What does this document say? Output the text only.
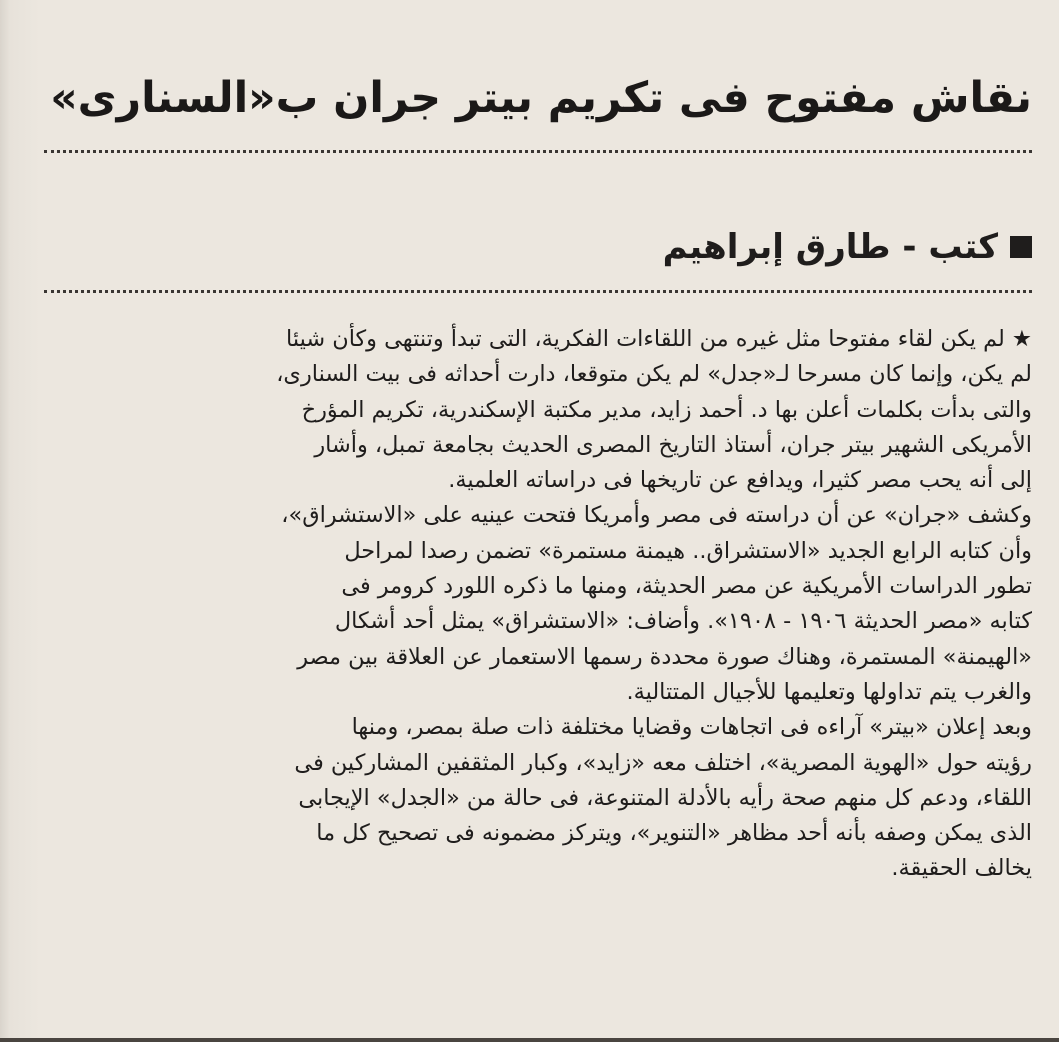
نقاش مفتوح فى تكريم بيتر جران ب«السنارى»
كتب - طارق إبراهيم
★ لم يكن لقاء مفتوحا مثل غيره من اللقاءات الفكرية، التى تبدأ وتنتهى وكأن شيئا
لم يكن، وإنما كان مسرحا لـ«جدل» لم يكن متوقعا، دارت أحداثه فى بيت السنارى،
والتى بدأت بكلمات أعلن بها د. أحمد زايد، مدير مكتبة الإسكندرية، تكريم المؤرخ
الأمريكى الشهير بيتر جران، أستاذ التاريخ المصرى الحديث بجامعة تمبل، وأشار
إلى أنه يحب مصر كثيرا، ويدافع عن تاريخها فى دراساته العلمية.
وكشف «جران» عن أن دراسته فى مصر وأمريكا فتحت عينيه على «الاستشراق»،
وأن كتابه الرابع الجديد «الاستشراق.. هيمنة مستمرة» تضمن رصدا لمراحل
تطور الدراسات الأمريكية عن مصر الحديثة، ومنها ما ذكره اللورد كرومر فى
كتابه «مصر الحديثة ١٩٠٦ - ١٩٠٨». وأضاف: «الاستشراق» يمثل أحد أشكال
«الهيمنة» المستمرة، وهناك صورة محددة رسمها الاستعمار عن العلاقة بين مصر
والغرب يتم تداولها وتعليمها للأجيال المتتالية.
وبعد إعلان «بيتر» آراءه فى اتجاهات وقضايا مختلفة ذات صلة بمصر، ومنها
رؤيته حول «الهوية المصرية»، اختلف معه «زايد»، وكبار المثقفين المشاركين فى
اللقاء، ودعم كل منهم صحة رأيه بالأدلة المتنوعة، فى حالة من «الجدل» الإيجابى
الذى يمكن وصفه بأنه أحد مظاهر «التنوير»، ويتركز مضمونه فى تصحيح كل ما
يخالف الحقيقة.
